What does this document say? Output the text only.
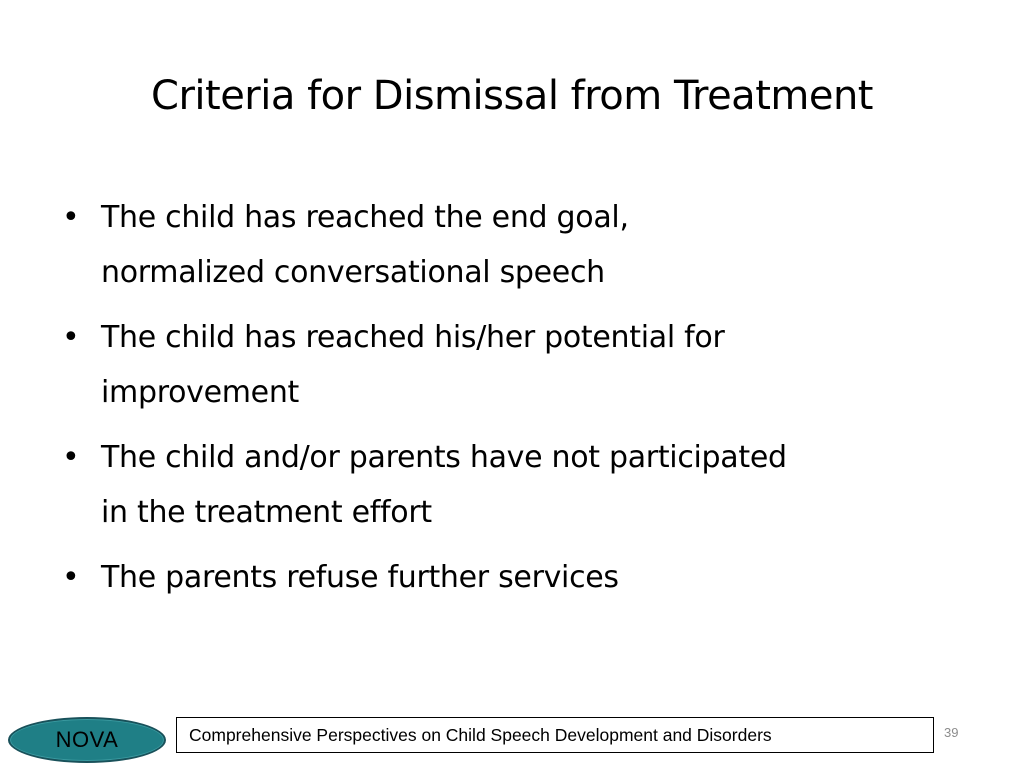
Criteria for Dismissal from Treatment
• The child has reached the end goal,
normalized conversational speech
• The child has reached his/her potential for
improvement
• The child and/or parents have not participated
in the treatment effort
• The parents refuse further services
NOVA	Comprehensive Perspectives on Child Speech Development and Disorders	39
